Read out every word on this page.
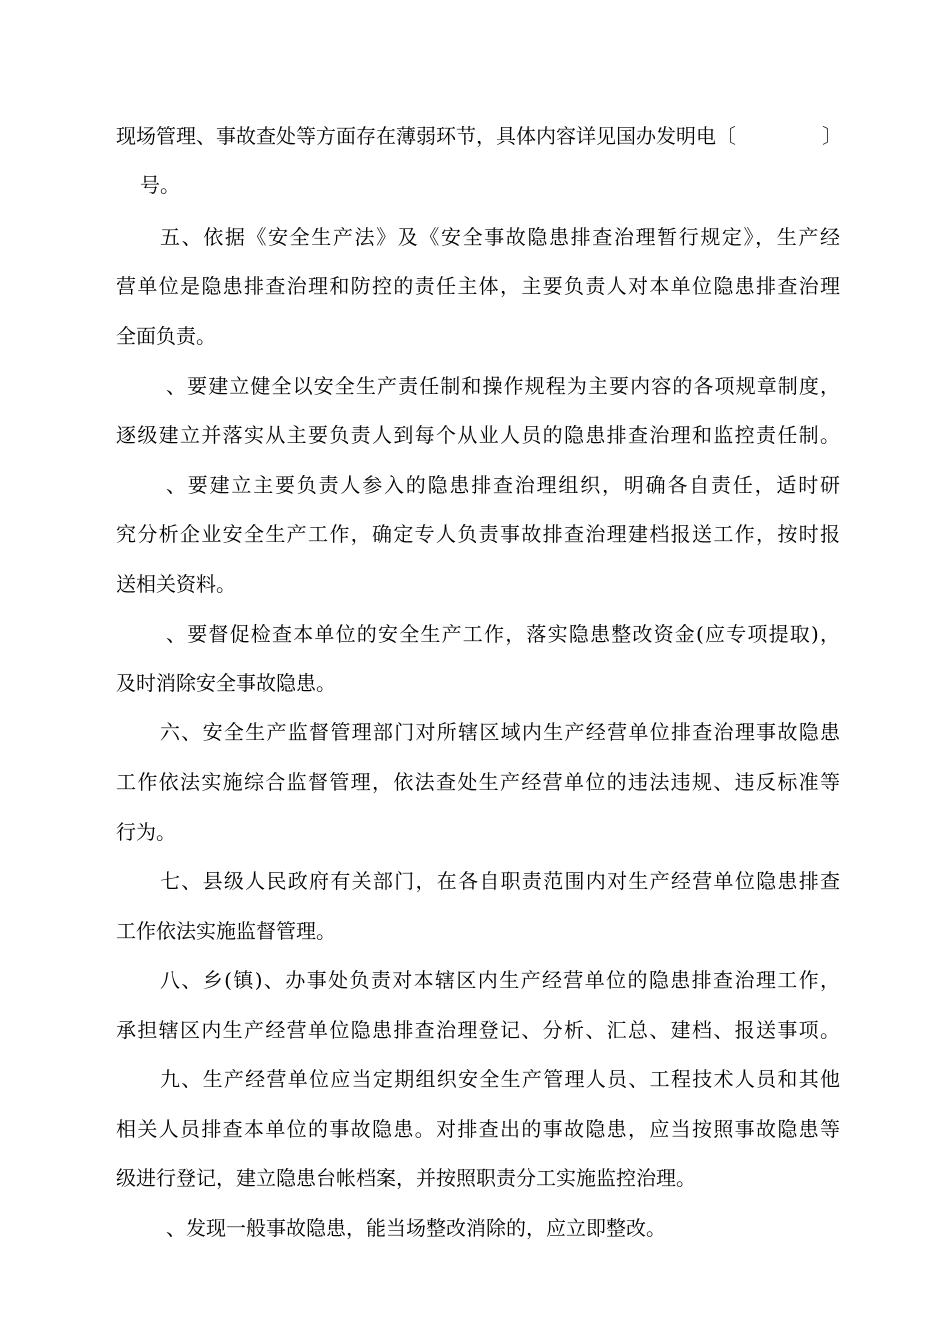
现场管理、事故查处等方面存在薄弱环节，具体内容详见国办发明电〔	〕
号。
五、依据《安全生产法》及《安全事故隐患排查治理暂行规定》，生产经
营单位是隐患排查治理和防控的责任主体，主要负责人对本单位隐患排查治理
全面负责。
、要建立健全以安全生产责任制和操作规程为主要内容的各项规章制度，
逐级建立并落实从主要负责人到每个从业人员的隐患排查治理和监控责任制。
、要建立主要负责人参入的隐患排查治理组织，明确各自责任，适时研
究分析企业安全生产工作，确定专人负责事故排查治理建档报送工作，按时报
送相关资料。
、要督促检查本单位的安全生产工作，落实隐患整改资金(应专项提取)，
及时消除安全事故隐患。
六、安全生产监督管理部门对所辖区域内生产经营单位排查治理事故隐患
工作依法实施综合监督管理，依法查处生产经营单位的违法违规、违反标准等
行为。
七、县级人民政府有关部门，在各自职责范围内对生产经营单位隐患排查
工作依法实施监督管理。
八、乡(镇)、办事处负责对本辖区内生产经营单位的隐患排查治理工作，
承担辖区内生产经营单位隐患排查治理登记、分析、汇总、建档、报送事项。
九、生产经营单位应当定期组织安全生产管理人员、工程技术人员和其他
相关人员排查本单位的事故隐患。对排查出的事故隐患，应当按照事故隐患等
级进行登记，建立隐患台帐档案，并按照职责分工实施监控治理。
、发现一般事故隐患，能当场整改消除的，应立即整改。
